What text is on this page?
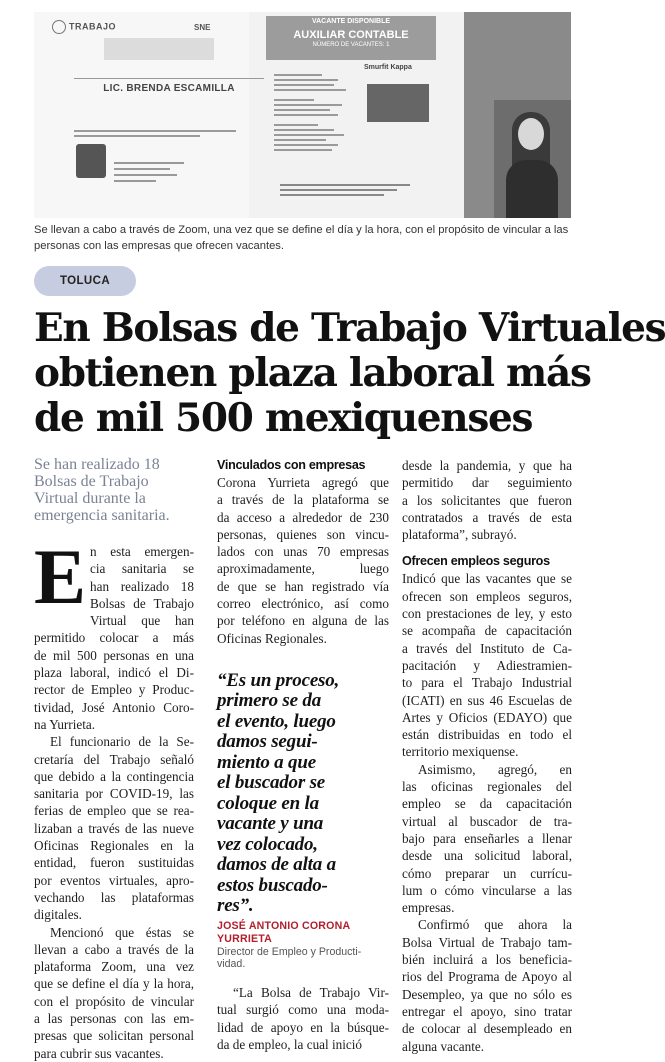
TRABAJO	SNE
LIC. BRENDA ESCAMILLA
VACANTE DISPONIBLE
AUXILIAR CONTABLE
NÚMERO DE VACANTES: 1
Smurfit Kappa
Se llevan a cabo a través de Zoom, una vez que se define el día y la hora, con el propósito de vincular a las personas con las empresas que ofrecen vacantes.
TOLUCA
En Bolsas de Trabajo Virtuales
obtienen plaza laboral más
de mil 500 mexiquenses
Se han realizado 18
Bolsas de Trabajo
Virtual durante la
emergencia sanitaria.
E n esta emergen-
cia sanitaria se
han realizado 18
Bolsas de Trabajo
Virtual que han
permitido colocar a más
de mil 500 personas en una
plaza laboral, indicó el Di-
rector de Empleo y Produc-
tividad, José Antonio Coro-
na Yurrieta.
El funcionario de la Se-
cretaría del Trabajo señaló
que debido a la contingencia
sanitaria por COVID-19, las
ferias de empleo que se rea-
lizaban a través de las nueve
Oficinas Regionales en la
entidad, fueron sustituidas
por eventos virtuales, apro-
vechando las plataformas
digitales.
Mencionó que éstas se
llevan a cabo a través de la
plataforma Zoom, una vez
que se define el día y la hora,
con el propósito de vincular
a las personas con las em-
presas que solicitan personal
para cubrir sus vacantes.
Vinculados con empresas
Corona Yurrieta agregó que
a través de la plataforma se
da acceso a alrededor de 230
personas, quienes son vincu-
lados con unas 70 empresas
aproximadamente, luego
de que se han registrado vía
correo electrónico, así como
por teléfono en alguna de las
Oficinas Regionales.
“Es un proceso,
primero se da
el evento, luego
damos segui-
miento a que
el buscador se
coloque en la
vacante y una
vez colocado,
damos de alta a
estos buscado-
res”.
JOSÉ ANTONIO CORONA
YURRIETA
Director de Empleo y Producti-
vidad.
“La Bolsa de Trabajo Vir-
tual surgió como una moda-
lidad de apoyo en la búsque-
da de empleo, la cual inició
desde la pandemia, y que ha
permitido dar seguimiento
a los solicitantes que fueron
contratados a través de esta
plataforma”, subrayó.
Ofrecen empleos seguros
Indicó que las vacantes que se
ofrecen son empleos seguros,
con prestaciones de ley, y esto
se acompaña de capacitación
a través del Instituto de Ca-
pacitación y Adiestramien-
to para el Trabajo Industrial
(ICATI) en sus 46 Escuelas de
Artes y Oficios (EDAYO) que
están distribuidas en todo el
territorio mexiquense.
Asimismo, agregó, en
las oficinas regionales del
empleo se da capacitación
virtual al buscador de tra-
bajo para enseñarles a llenar
desde una solicitud laboral,
cómo preparar un currícu-
lum o cómo vincularse a las
empresas.
Confirmó que ahora la
Bolsa Virtual de Trabajo tam-
bién incluirá a los beneficia-
rios del Programa de Apoyo al
Desempleo, ya que no sólo es
entregar el apoyo, sino tratar
de colocar al desempleado en
alguna vacante.
